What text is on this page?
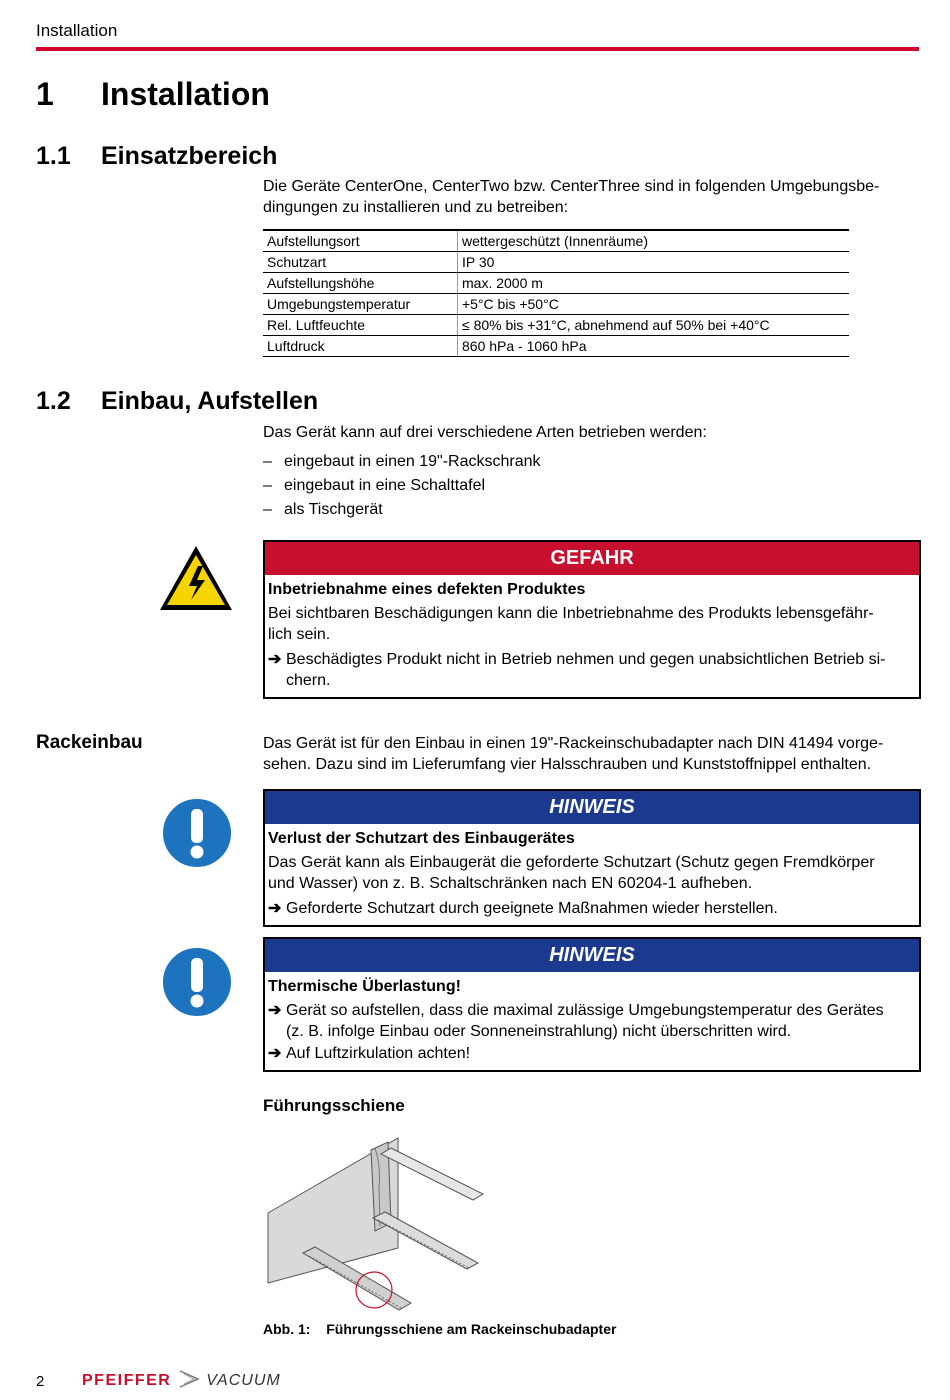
Installation
1 Installation
1.1 Einsatzbereich
Die Geräte CenterOne, CenterTwo bzw. CenterThree sind in folgenden Umgebungsbe-
dingungen zu installieren und zu betreiben:
Aufstellungsort	wettergeschützt (Innenräume)
Schutzart	IP 30
Aufstellungshöhe	max. 2000 m
Umgebungstemperatur	+5°C bis +50°C
Rel. Luftfeuchte	≤ 80% bis +31°C, abnehmend auf 50% bei +40°C
Luftdruck	860 hPa - 1060 hPa
1.2 Einbau, Aufstellen
Das Gerät kann auf drei verschiedene Arten betrieben werden:
– eingebaut in einen 19"-Rackschrank
– eingebaut in eine Schalttafel
– als Tischgerät
GEFAHR
Inbetriebnahme eines defekten Produktes
Bei sichtbaren Beschädigungen kann die Inbetriebnahme des Produkts lebensgefähr-
lich sein.
➔ Beschädigtes Produkt nicht in Betrieb nehmen und gegen unabsichtlichen Betrieb si-
chern.
Rackeinbau	Das Gerät ist für den Einbau in einen 19"-Rackeinschubadapter nach DIN 41494 vorge-
sehen. Dazu sind im Lieferumfang vier Halsschrauben und Kunststoffnippel enthalten.
HINWEIS
Verlust der Schutzart des Einbaugerätes
Das Gerät kann als Einbaugerät die geforderte Schutzart (Schutz gegen Fremdkörper
und Wasser) von z. B. Schaltschränken nach EN 60204-1 aufheben.
➔ Geforderte Schutzart durch geeignete Maßnahmen wieder herstellen.
HINWEIS
Thermische Überlastung!
➔ Gerät so aufstellen, dass die maximal zulässige Umgebungstemperatur des Gerätes
(z. B. infolge Einbau oder Sonneneinstrahlung) nicht überschritten wird.
➔ Auf Luftzirkulation achten!
Führungsschiene
Abb. 1: Führungsschiene am Rackeinschubadapter
2 PFEIFFER VACUUM
